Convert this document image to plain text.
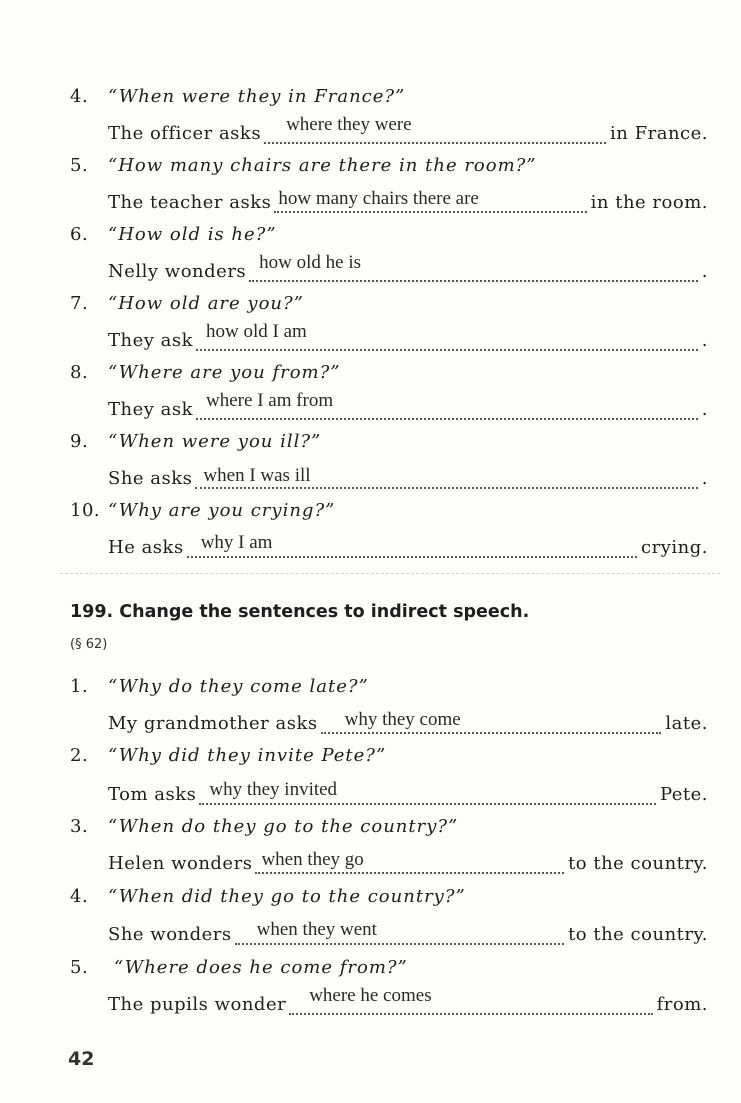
4. “When were they in France?”
The officer asks where they were	in France.
5. “How many chairs are there in the room?”
The teacher asks how many chairs there are	in the room.
6. “How old is he?”
Nelly wonders how old he is	.
7. “How old are you?”
They ask how old I am	.
8. “Where are you from?”
They ask where I am from	.
9. “When were you ill?”
She asks when I was ill	.
10. “Why are you crying?”
He asks why I am	crying.
199. Change the sentences to indirect speech.
(§ 62)
1. “Why do they come late?”
My grandmother asks why they come	late.
2. “Why did they invite Pete?”
Tom asks why they invited	Pete.
3. “When do they go to the country?”
Helen wonders when they go	to the country.
4. “When did they go to the country?”
She wonders when they went	to the country.
5. “Where does he come from?”
The pupils wonder where he comes	from.
42
